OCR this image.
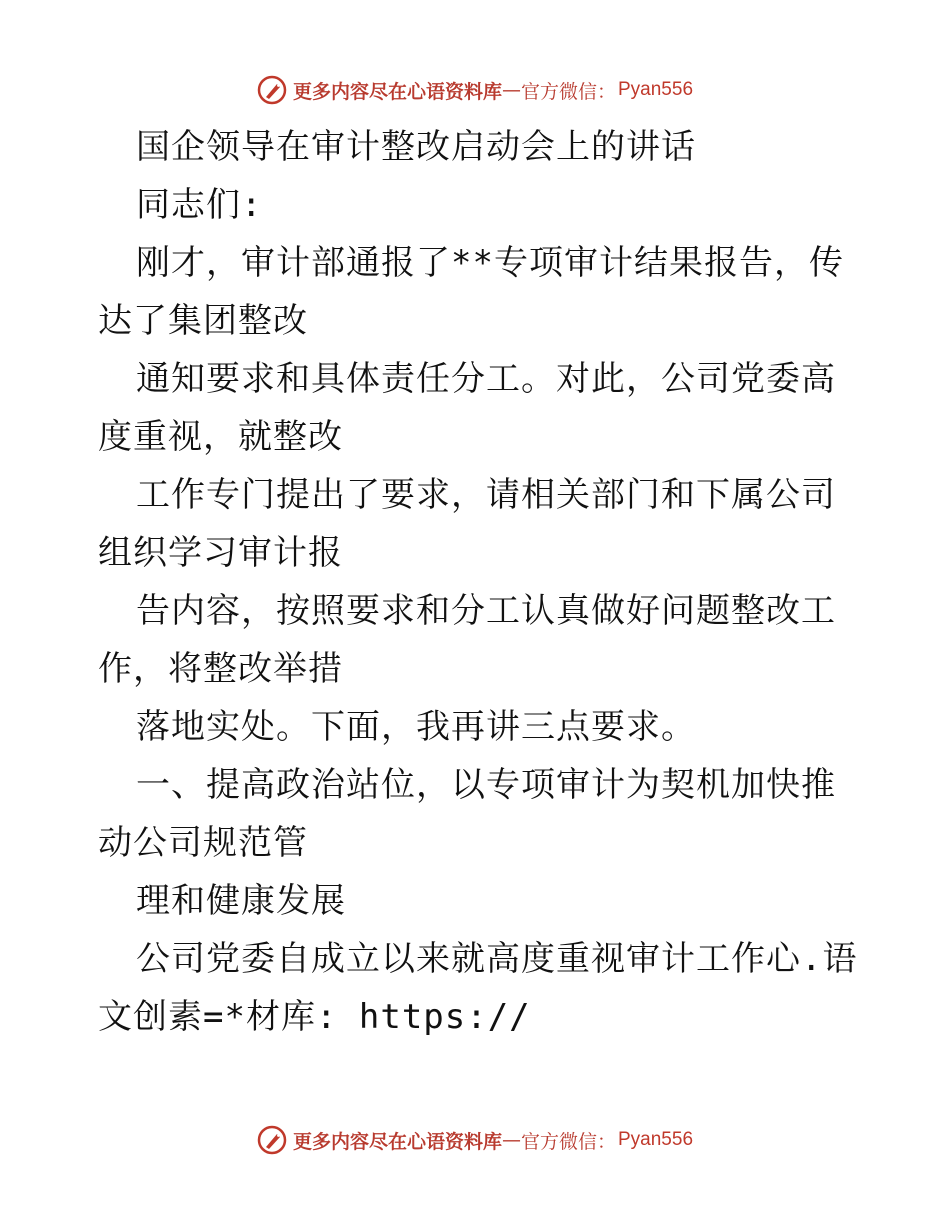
更多内容尽在心语资料库 — 官方微信： Pyan556

国企领导在审计整改启动会上的讲话

同志们:

刚才，审计部通报了**专项审计结果报告，传达了集团整改

通知要求和具体责任分工。对此，公司党委高度重视，就整改

工作专门提出了要求，请相关部门和下属公司组织学习审计报

告内容，按照要求和分工认真做好问题整改工作，将整改举措

落地实处。下面，我再讲三点要求。

一、提高政治站位，以专项审计为契机加快推动公司规范管

理和健康发展

公司党委自成立以来就高度重视审计工作心.语文创素=*材库: https://

更多内容尽在心语资料库 — 官方微信： Pyan556
